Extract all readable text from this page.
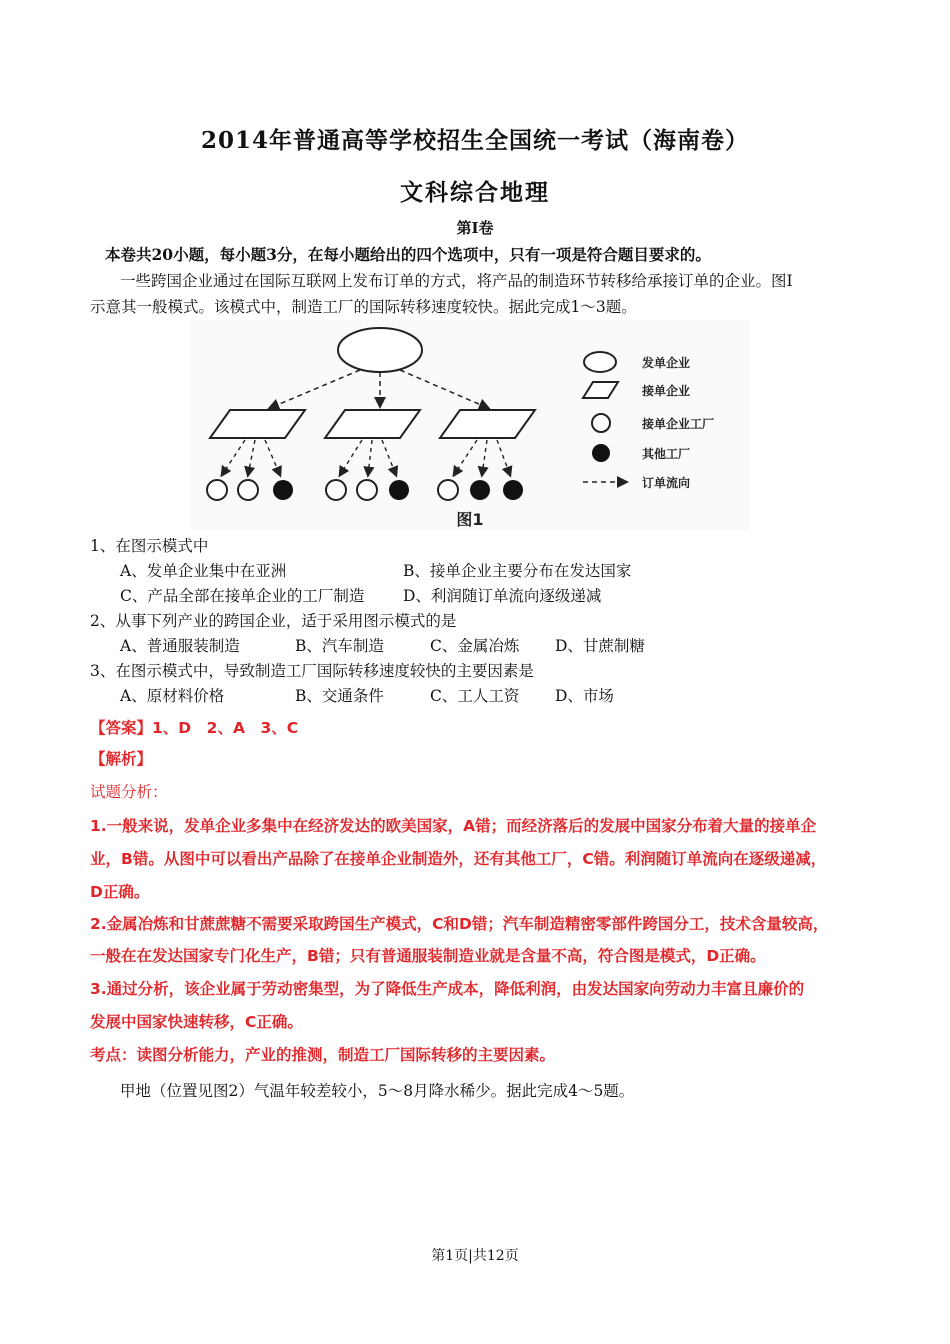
2014年普通高等学校招生全国统一考试（海南卷）
文科综合地理
第Ⅰ卷
本卷共20小题，每小题3分，在每小题给出的四个选项中，只有一项是符合题目要求的。
一些跨国企业通过在国际互联网上发布订单的方式，将产品的制造环节转移给承接订单的企业。图Ⅰ
示意其一般模式。该模式中，制造工厂的国际转移速度较快。据此完成1～3题。
发单企业
接单企业
接单企业工厂
其他工厂
订单流向
图1
1、在图示模式中
A、发单企业集中在亚洲	B、接单企业主要分布在发达国家
C、产品全部在接单企业的工厂制造 D、利润随订单流向逐级递减
2、从事下列产业的跨国企业，适于采用图示模式的是
A、普通服装制造	B、汽车制造	C、金属冶炼 D、甘蔗制糖
3、在图示模式中，导致制造工厂国际转移速度较快的主要因素是
A、原材料价格	B、交通条件	C、工人工资 D、市场
【答案】1、D　2、A　3、C
【解析】
试题分析：
1.一般来说，发单企业多集中在经济发达的欧美国家，A错；而经济落后的发展中国家分布着大量的接单企
业，B错。从图中可以看出产品除了在接单企业制造外，还有其他工厂，C错。利润随订单流向在逐级递减，
D正确。
2.金属冶炼和甘蔗蔗糖不需要采取跨国生产模式，C和D错；汽车制造精密零部件跨国分工，技术含量较高，
一般在在发达国家专门化生产，B错；只有普通服装制造业就是含量不高，符合图是模式，D正确。
3.通过分析，该企业属于劳动密集型，为了降低生产成本，降低利润，由发达国家向劳动力丰富且廉价的
发展中国家快速转移，C正确。
考点：读图分析能力，产业的推测，制造工厂国际转移的主要因素。
甲地（位置见图2）气温年较差较小，5～8月降水稀少。据此完成4～5题。
第1页|共12页
